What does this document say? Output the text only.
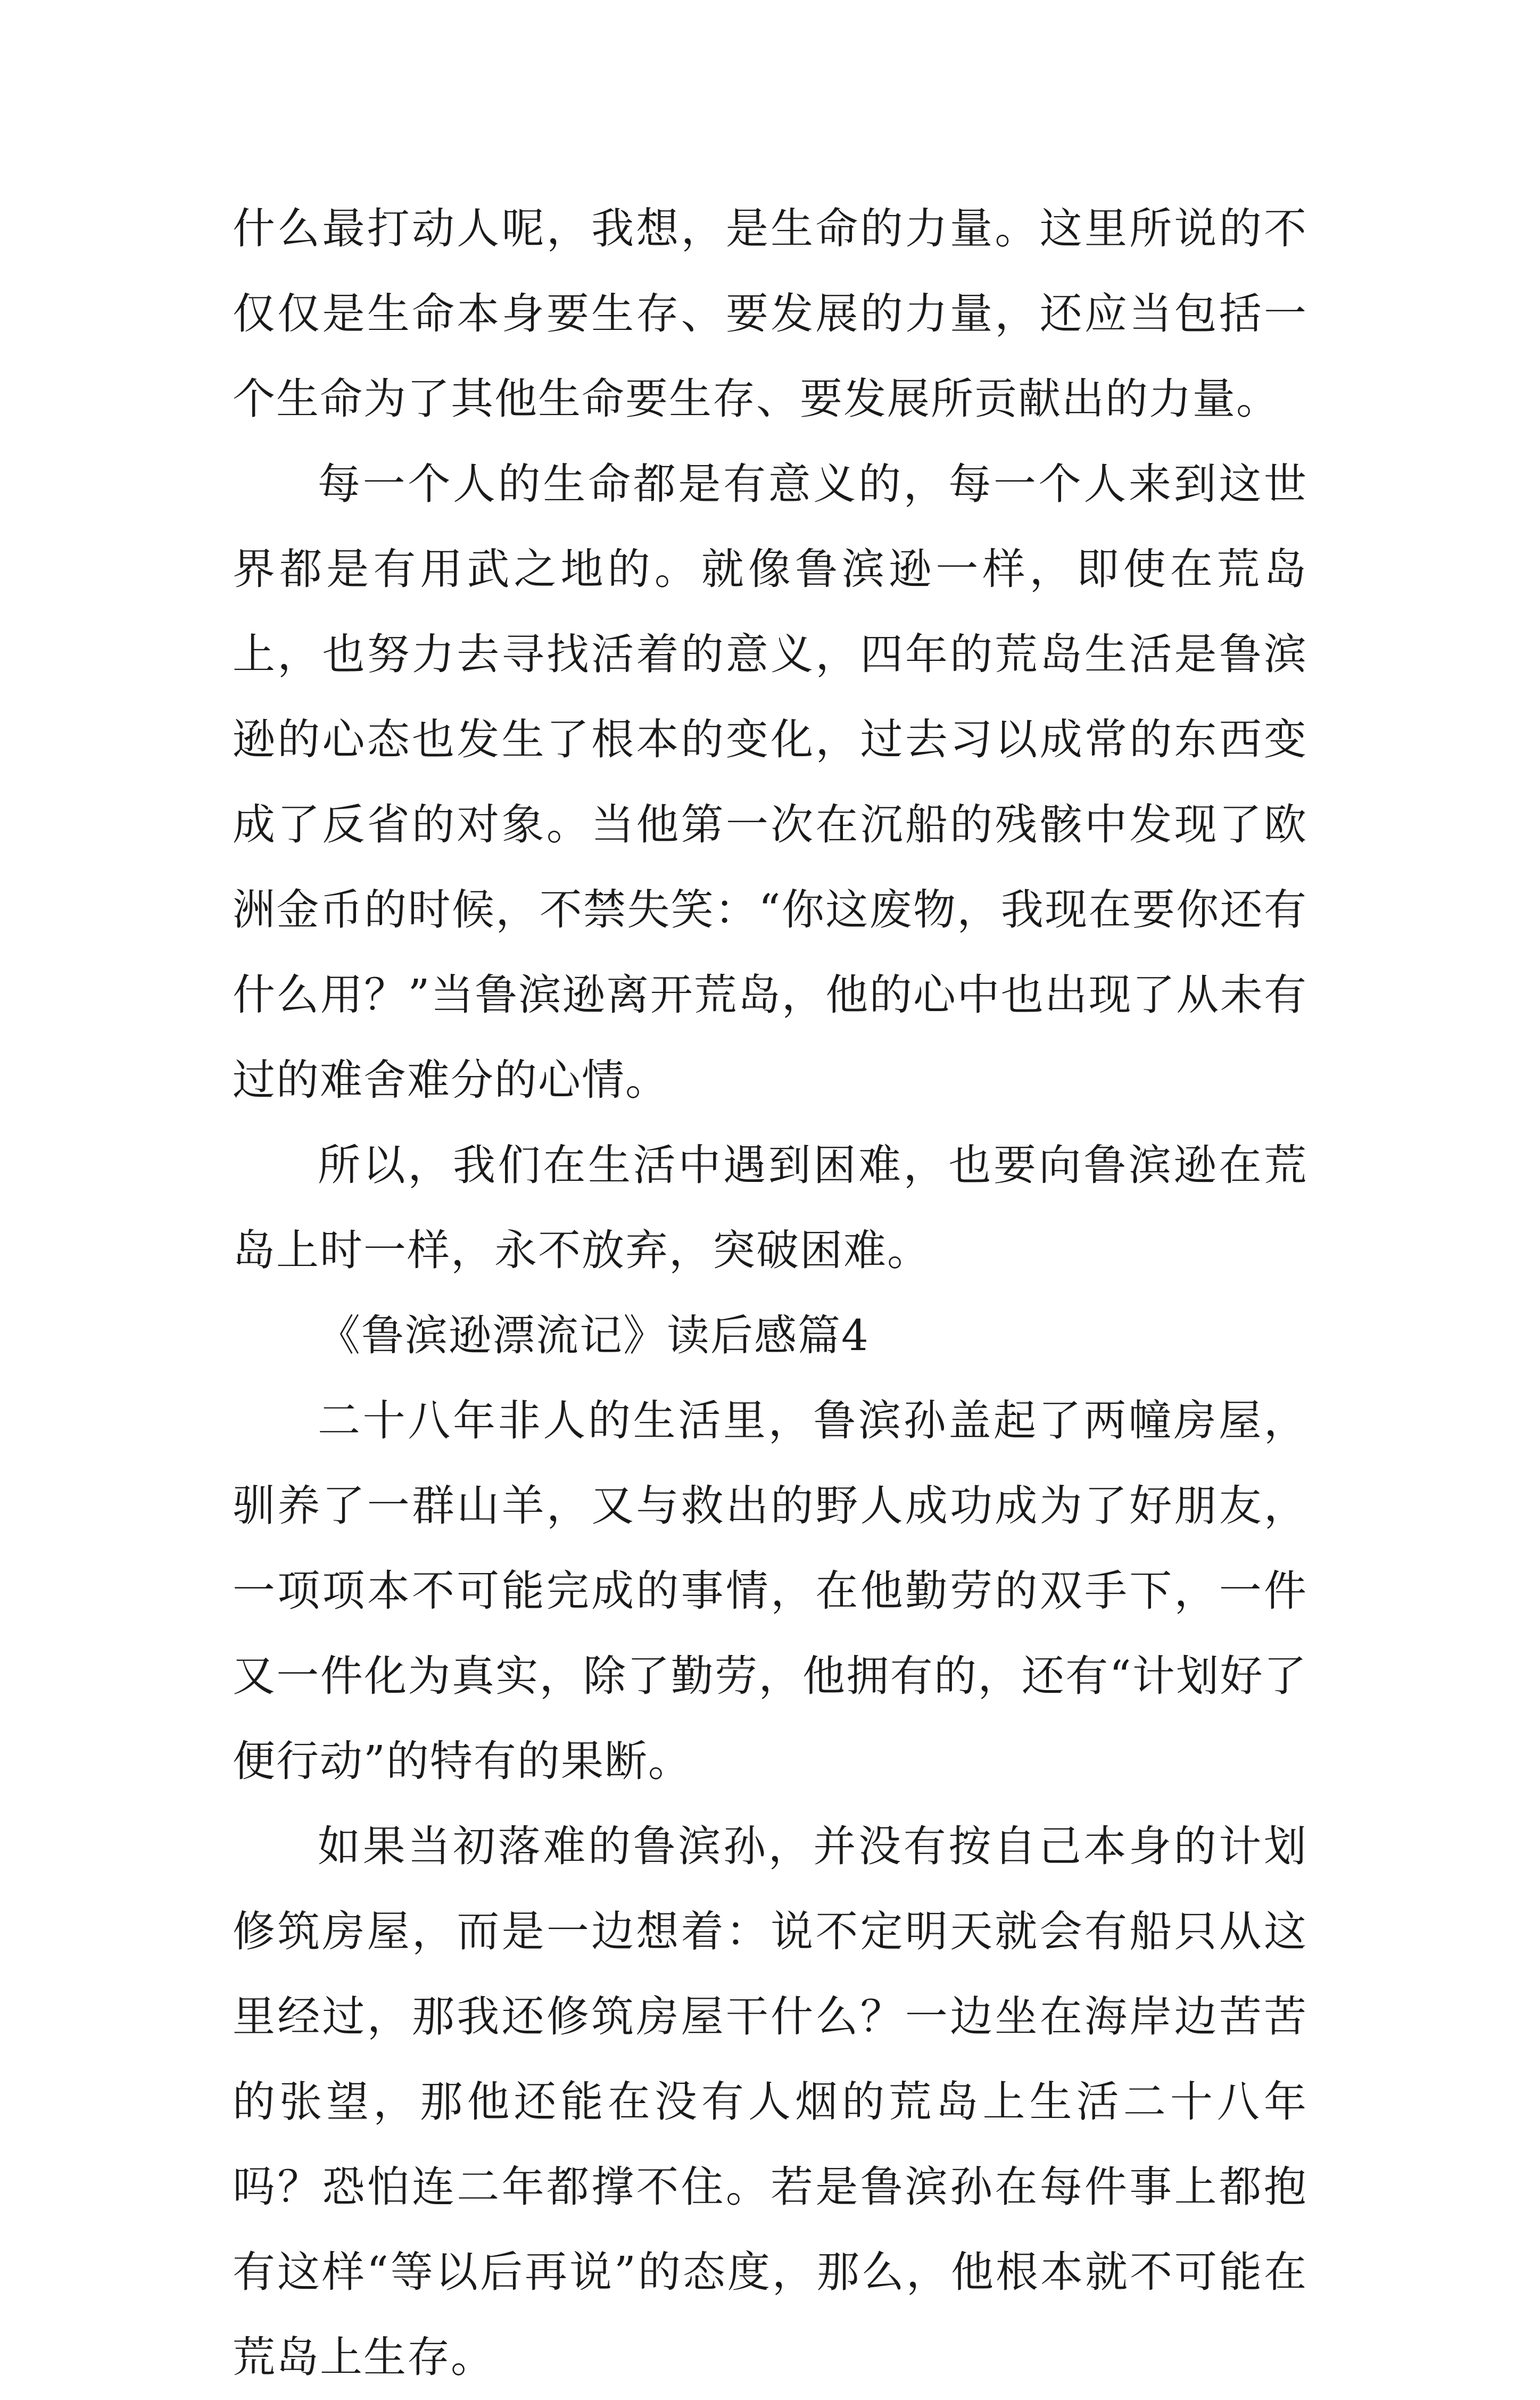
什么最打动人呢，我想，是生命的力量。这里所说的不仅仅是生命本身要生存、要发展的力量，还应当包括一个生命为了其他生命要生存、要发展所贡献出的力量。

每一个人的生命都是有意义的，每一个人来到这世界都是有用武之地的。就像鲁滨逊一样，即使在荒岛上，也努力去寻找活着的意义，四年的荒岛生活是鲁滨逊的心态也发生了根本的变化，过去习以成常的东西变成了反省的对象。当他第一次在沉船的残骸中发现了欧洲金币的时候，不禁失笑：“你这废物，我现在要你还有什么用？”当鲁滨逊离开荒岛，他的心中也出现了从未有过的难舍难分的心情。

所以，我们在生活中遇到困难，也要向鲁滨逊在荒岛上时一样，永不放弃，突破困难。

《鲁滨逊漂流记》读后感篇4

二十八年非人的生活里，鲁滨孙盖起了两幢房屋，驯养了一群山羊，又与救出的野人成功成为了好朋友，一项项本不可能完成的事情，在他勤劳的双手下，一件又一件化为真实，除了勤劳，他拥有的，还有“计划好了便行动”的特有的果断。

如果当初落难的鲁滨孙，并没有按自己本身的计划修筑房屋，而是一边想着：说不定明天就会有船只从这里经过，那我还修筑房屋干什么？一边坐在海岸边苦苦的张望，那他还能在没有人烟的荒岛上生活二十八年吗？恐怕连二年都撑不住。若是鲁滨孙在每件事上都抱有这样“等以后再说”的态度，那么，他根本就不可能在荒岛上生存。
